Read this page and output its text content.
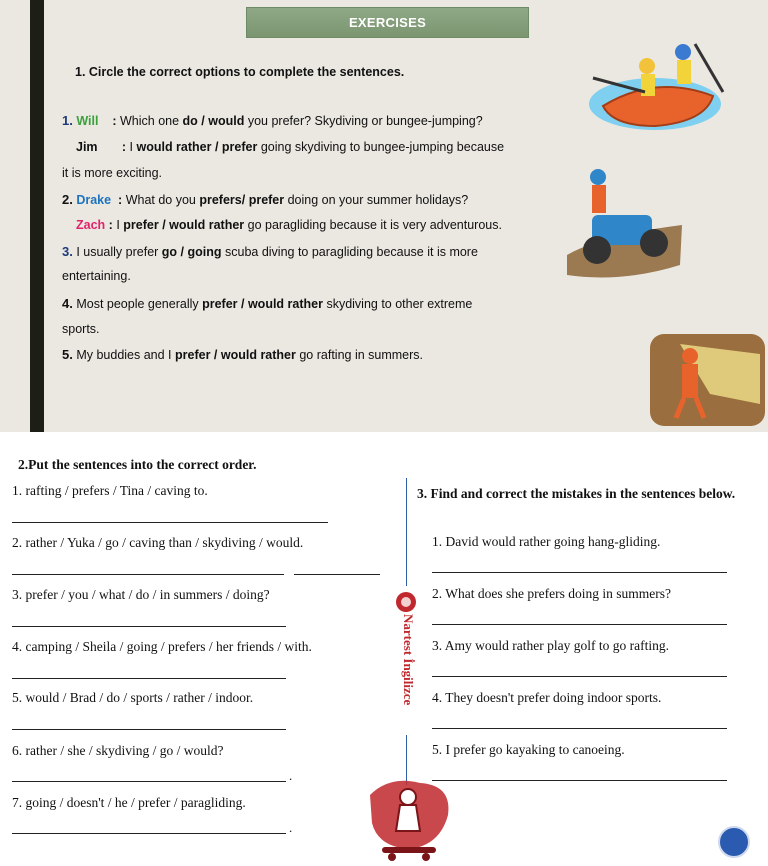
EXERCISES
1. Circle the correct options to complete the sentences.
1. Will : Which one do / would you prefer? Skydiving or bungee-jumping?
Jim : I would rather / prefer going skydiving to bungee-jumping because
it is more exciting.
2. Drake : What do you prefers/ prefer doing on your summer holidays?
Zach : I prefer / would rather go paragliding because it is very adventurous.
3. I usually prefer go / going scuba diving to paragliding because it is more
entertaining.
4. Most people generally prefer / would rather skydiving to other extreme
sports.
5. My buddies and I prefer / would rather go rafting in summers.
2.Put the sentences into the correct order.
1. rafting / prefers / Tina / caving to.
2. rather / Yuka / go / caving than / skydiving / would.
3. prefer / you / what / do / in summers / doing?
4. camping / Sheila / going / prefers / her friends / with.
5. would / Brad / do / sports / rather / indoor.
6. rather / she / skydiving / go / would?
.
7. going / doesn't / he / prefer / paragliding.
.
Nartest İngilizce
3. Find and correct the mistakes in the sentences below.
1. David would rather going hang-gliding.
2. What does she prefers doing in summers?
3. Amy would rather play golf to go rafting.
4. They doesn't prefer doing indoor sports.
5. I prefer go kayaking to canoeing.
